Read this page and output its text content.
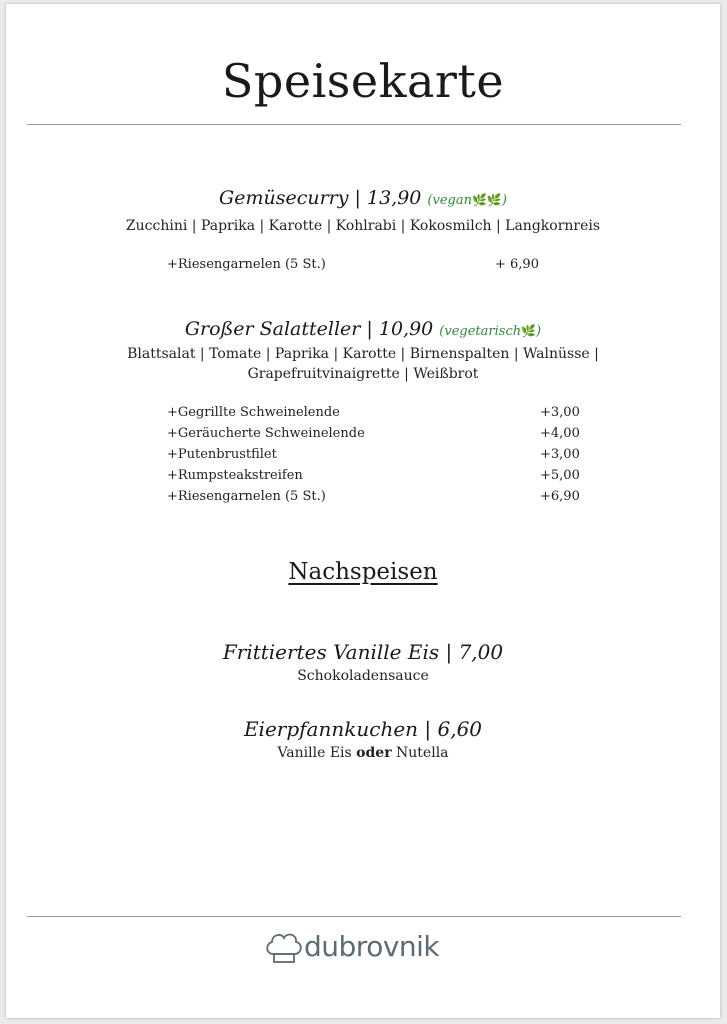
Speisekarte
Gemüsecurry | 13,90 (vegan🌿🌿)
Zucchini | Paprika | Karotte | Kohlrabi | Kokosmilch | Langkornreis
+Riesengarnelen (5 St.)	+ 6,90
Großer Salatteller | 10,90 (vegetarisch🌿)
Blattsalat | Tomate | Paprika | Karotte | Birnenspalten | Walnüsse |
Grapefruitvinaigrette | Weißbrot
+Gegrillte Schweinelende	+3,00
+Geräucherte Schweinelende	+4,00
+Putenbrustfilet	+3,00
+Rumpsteakstreifen	+5,00
+Riesengarnelen (5 St.)	+6,90
Nachspeisen
Frittiertes Vanille Eis | 7,00
Schokoladensauce
Eierpfannkuchen | 6,60
Vanille Eis oder Nutella
dubrovnik
